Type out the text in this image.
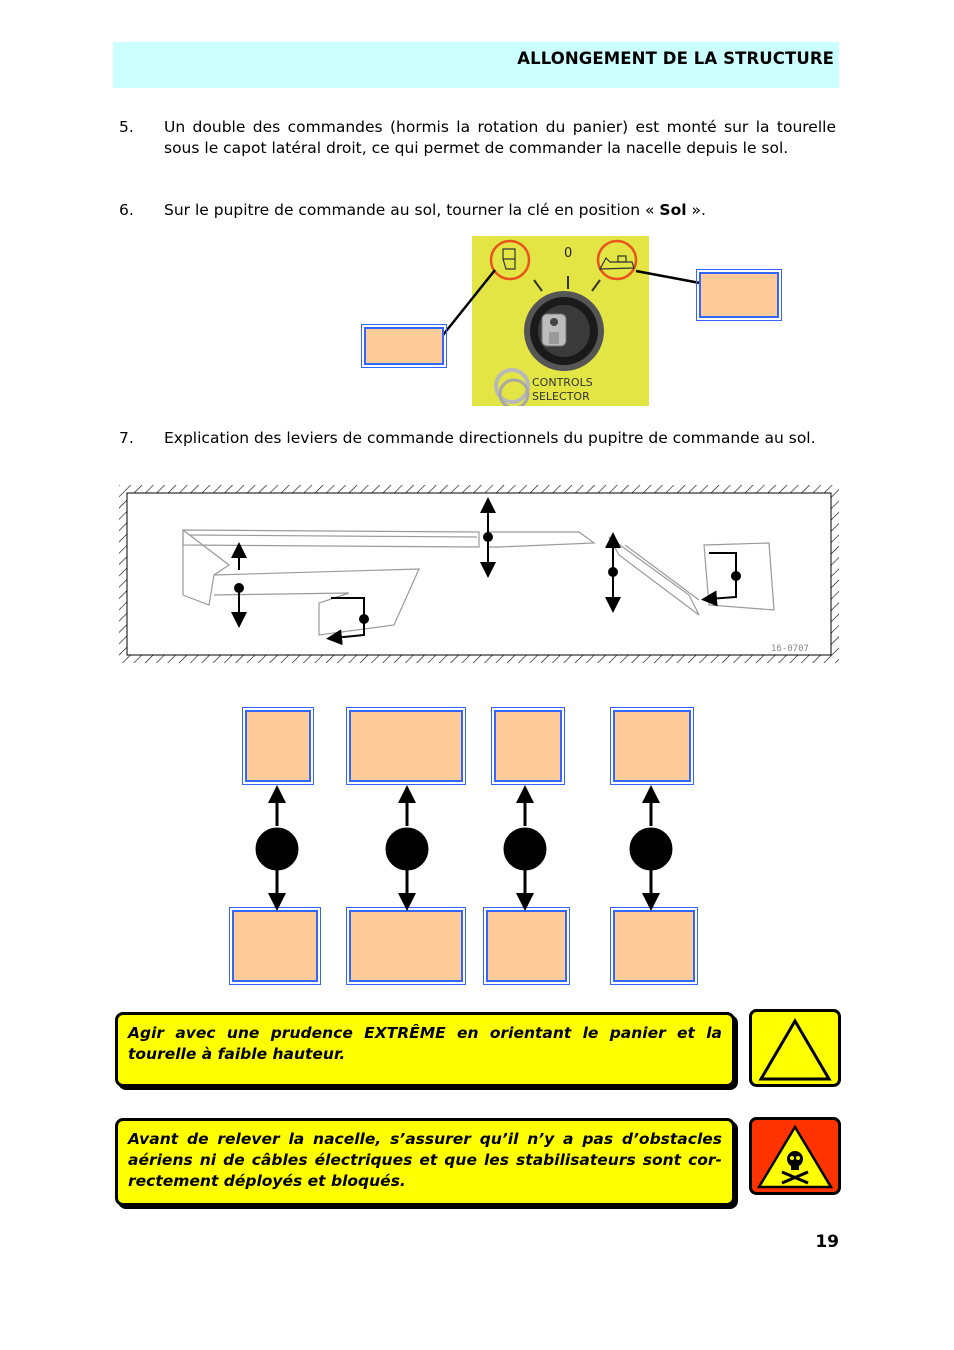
ALLONGEMENT DE LA STRUCTURE
5. Un double des commandes (hormis la rotation du panier) est monté sur la tourelle sous le capot latéral droit, ce qui permet de commander la nacelle depuis le sol.
6. Sur le pupitre de commande au sol, tourner la clé en position « Sol ».
0
CONTROLS
SELECTOR
7. Explication des leviers de commande directionnels du pupitre de commande au sol.
16-0707
Agir avec une prudence EXTRÊME en orientant le panier et la tourelle à faible hauteur.
Avant de relever la nacelle, s’assurer qu’il n’y a pas d’obstacles aériens ni de câbles électriques et que les stabilisateurs sont cor-rectement déployés et bloqués.
19
